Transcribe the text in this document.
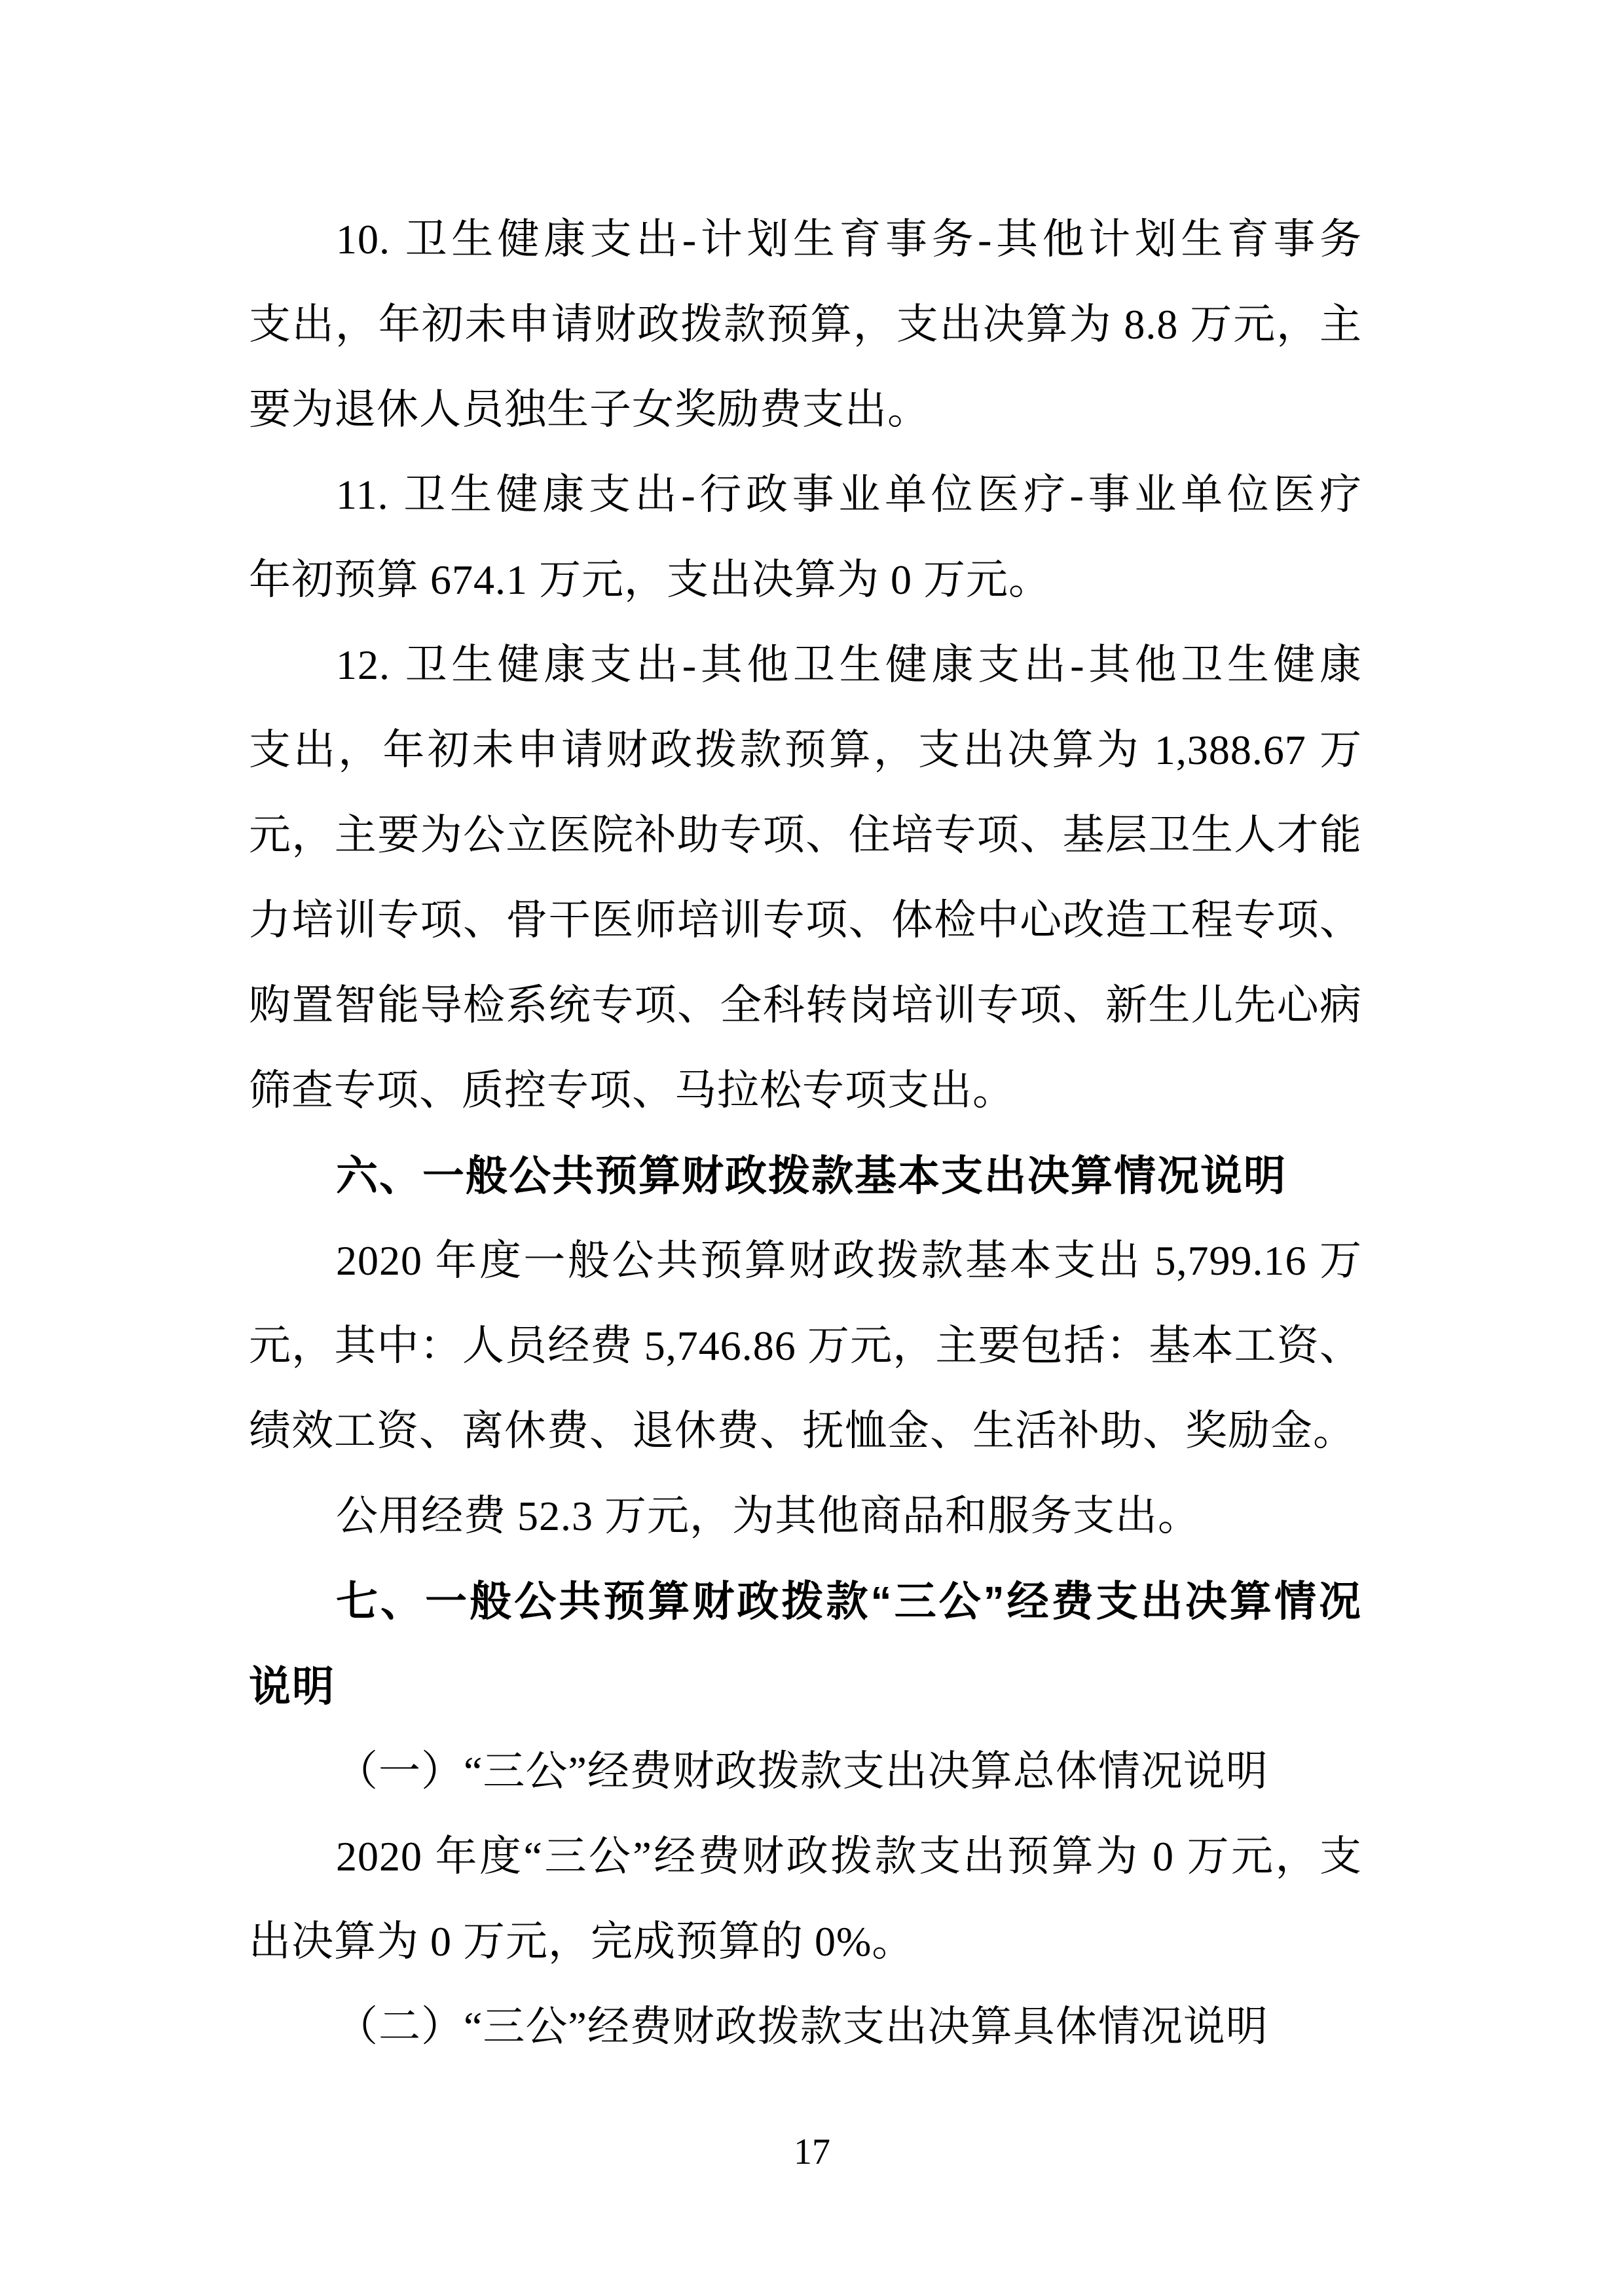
10. 卫生健康支出-计划生育事务-其他计划生育事务
支出，年初未申请财政拨款预算，支出决算为 8.8 万元，主
要为退休人员独生子女奖励费支出。
11. 卫生健康支出-行政事业单位医疗-事业单位医疗
年初预算 674.1 万元，支出决算为 0 万元。
12. 卫生健康支出-其他卫生健康支出-其他卫生健康
支出，年初未申请财政拨款预算，支出决算为 1,388.67 万
元，主要为公立医院补助专项、住培专项、基层卫生人才能
力培训专项、骨干医师培训专项、体检中心改造工程专项、
购置智能导检系统专项、全科转岗培训专项、新生儿先心病
筛查专项、质控专项、马拉松专项支出。
六、一般公共预算财政拨款基本支出决算情况说明
2020 年度一般公共预算财政拨款基本支出 5,799.16 万
元，其中：人员经费 5,746.86 万元，主要包括：基本工资、
绩效工资、离休费、退休费、抚恤金、生活补助、奖励金。
公用经费 52.3 万元，为其他商品和服务支出。
七、一般公共预算财政拨款“三公”经费支出决算情况
说明
（一）“三公”经费财政拨款支出决算总体情况说明
2020 年度“三公”经费财政拨款支出预算为 0 万元，支
出决算为 0 万元，完成预算的 0%。
（二）“三公”经费财政拨款支出决算具体情况说明
17
